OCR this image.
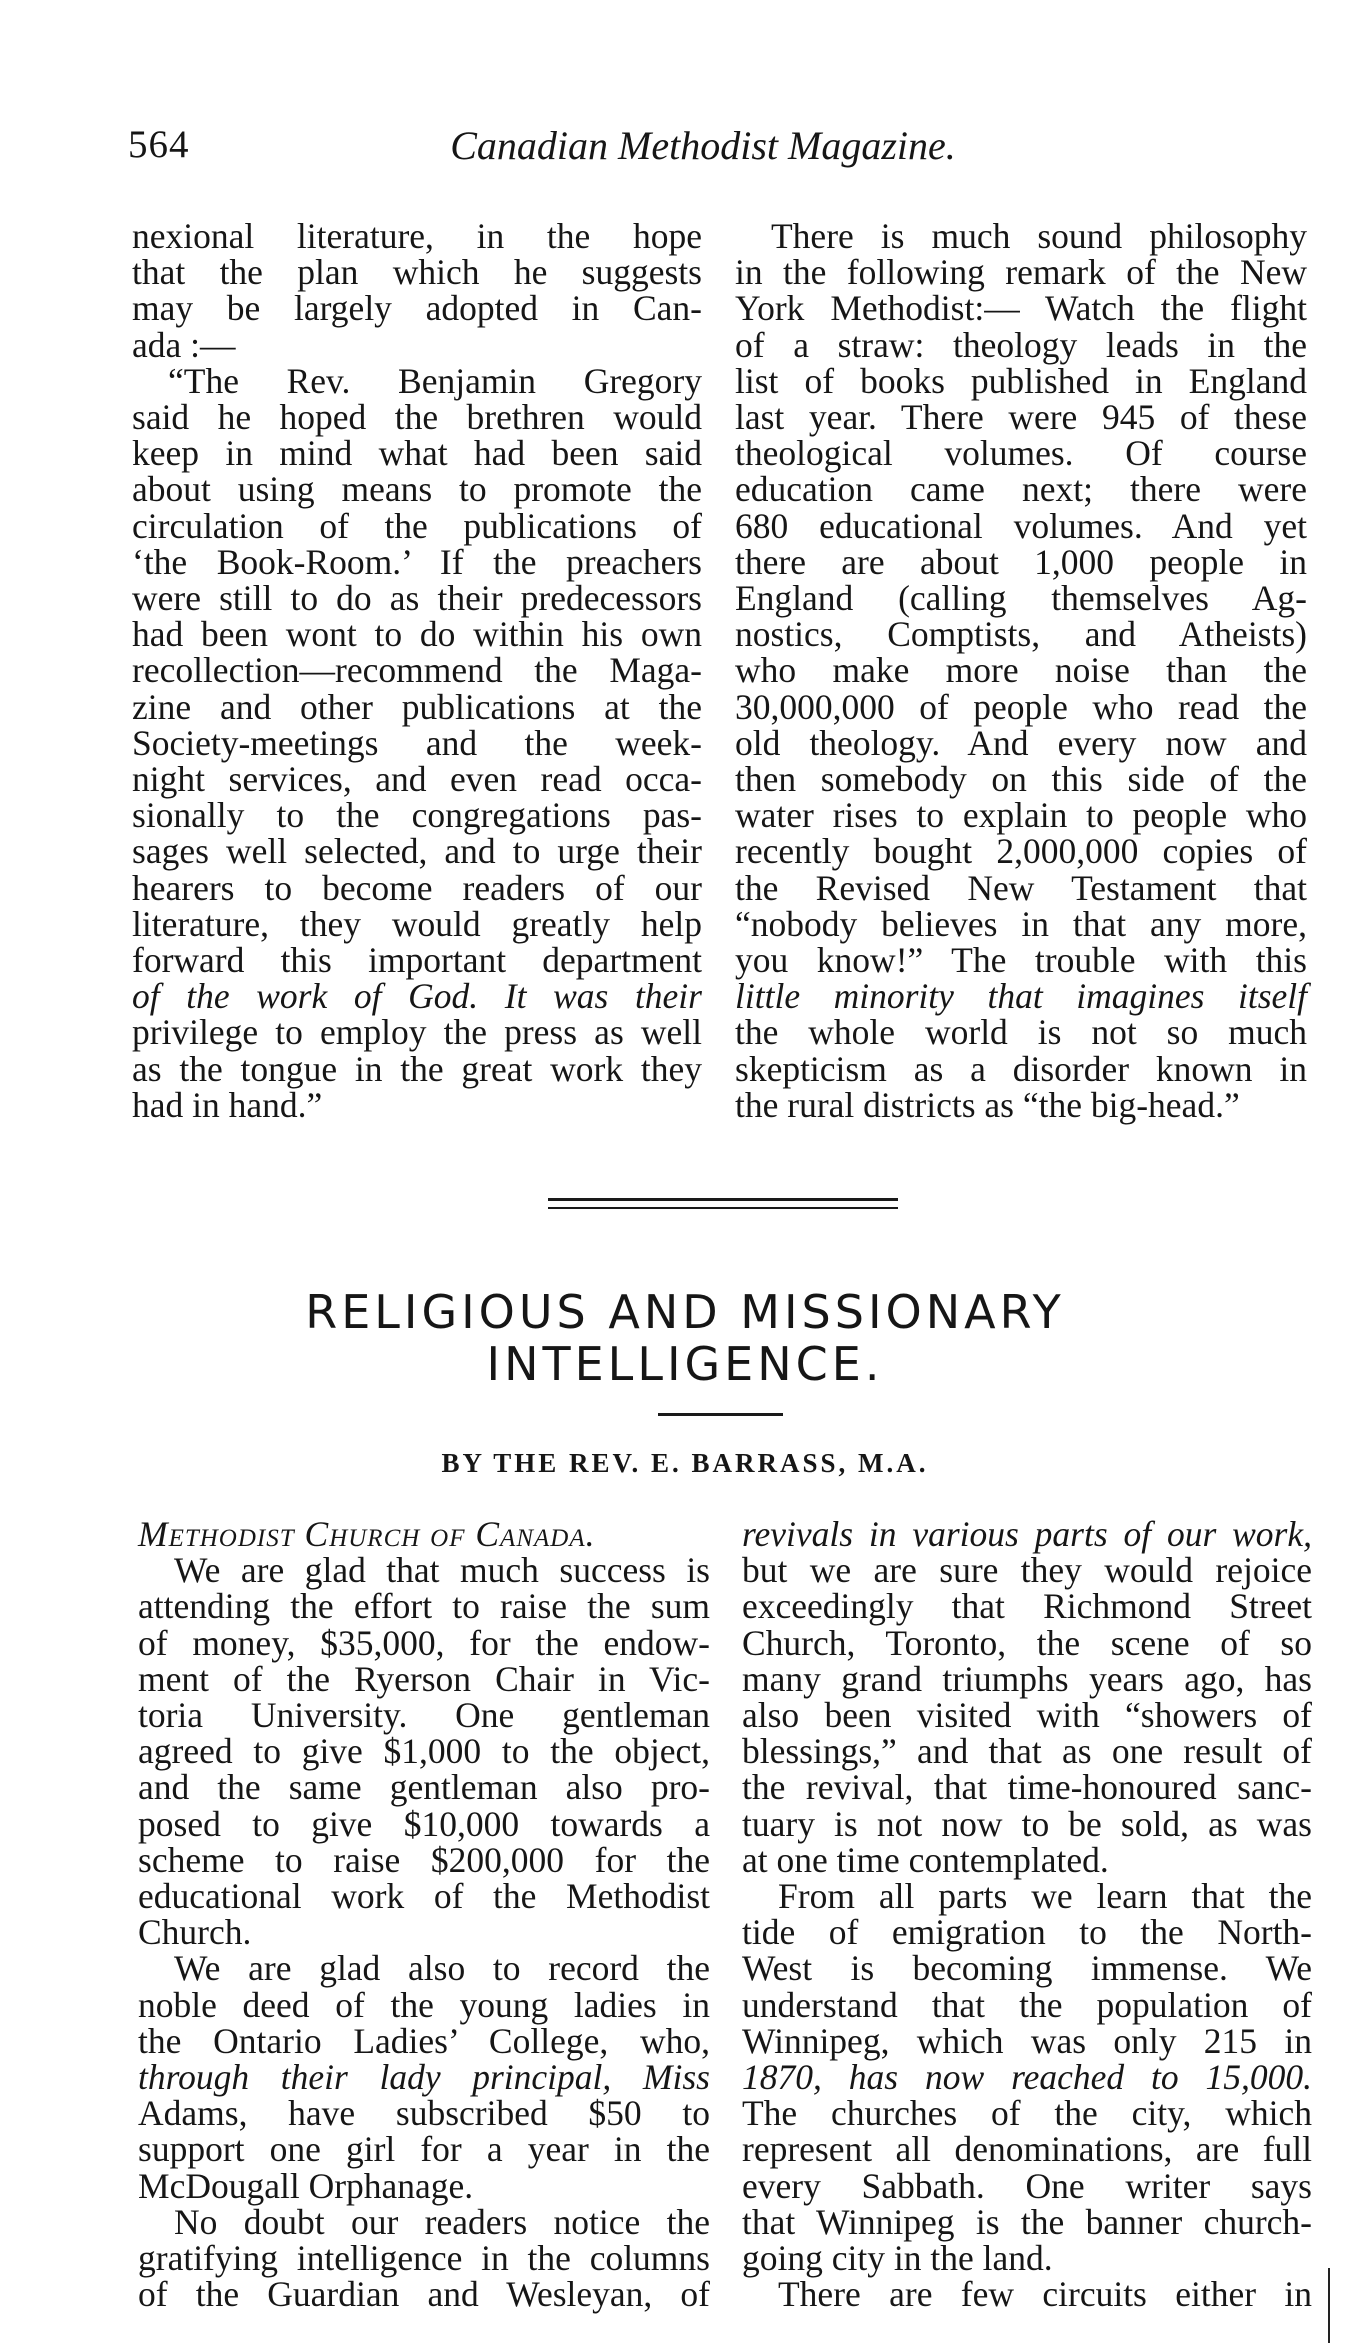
564	Canadian Methodist Magazine.

nexional literature, in the hope

that the plan which he suggests

may be largely adopted in Can-

ada :—

“The Rev. Benjamin Gregory

said he hoped the brethren would

keep in mind what had been said

about using means to promote the

circulation of the publications of

‘the Book-Room.’ If the preachers

were still to do as their predecessors

had been wont to do within his own

recollection—recommend the Maga-

zine and other publications at the

Society-meetings and the week-

night services, and even read occa-

sionally to the congregations pas-

sages well selected, and to urge their

hearers to become readers of our

literature, they would greatly help

forward this important department

of the work of God. It was their

privilege to employ the press as well

as the tongue in the great work they

had in hand.”

There is much sound philosophy

in the following remark of the New

York Methodist:— Watch the flight

of a straw: theology leads in the

list of books published in England

last year. There were 945 of these

theological volumes. Of course

education came next; there were

680 educational volumes. And yet

there are about 1,000 people in

England (calling themselves Ag-

nostics, Comptists, and Atheists)

who make more noise than the

30,000,000 of people who read the

old theology. And every now and

then somebody on this side of the

water rises to explain to people who

recently bought 2,000,000 copies of

the Revised New Testament that

“nobody believes in that any more,

you know!” The trouble with this

little minority that imagines itself

the whole world is not so much

skepticism as a disorder known in

the rural districts as “the big-head.”

RELIGIOUS AND MISSIONARY
INTELLIGENCE.
BY THE REV. E. BARRASS, M.A.

Methodist Church of Canada.

We are glad that much success is

attending the effort to raise the sum

of money, $35,000, for the endow-

ment of the Ryerson Chair in Vic-

toria University. One gentleman

agreed to give $1,000 to the object,

and the same gentleman also pro-

posed to give $10,000 towards a

scheme to raise $200,000 for the

educational work of the Methodist

Church.

We are glad also to record the

noble deed of the young ladies in

the Ontario Ladies’ College, who,

through their lady principal, Miss

Adams, have subscribed $50 to

support one girl for a year in the

McDougall Orphanage.

No doubt our readers notice the

gratifying intelligence in the columns

of the Guardian and Wesleyan, of

revivals in various parts of our work,

but we are sure they would rejoice

exceedingly that Richmond Street

Church, Toronto, the scene of so

many grand triumphs years ago, has

also been visited with “showers of

blessings,” and that as one result of

the revival, that time-honoured sanc-

tuary is not now to be sold, as was

at one time contemplated.

From all parts we learn that the

tide of emigration to the North-

West is becoming immense. We

understand that the population of

Winnipeg, which was only 215 in

1870, has now reached to 15,000.

The churches of the city, which

represent all denominations, are full

every Sabbath. One writer says

that Winnipeg is the banner church-

going city in the land.

There are few circuits either in
